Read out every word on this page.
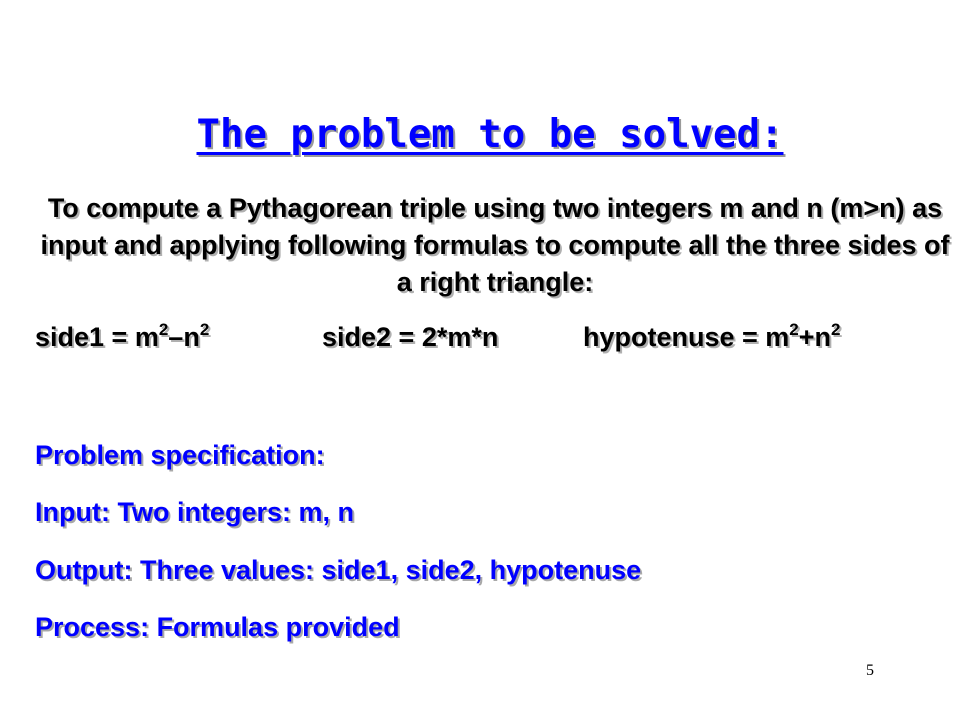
The problem to be solved:
To compute a Pythagorean triple using two integers m and n (m>n) as input and applying following formulas to compute all the three sides of a right triangle:
side1 = $m^2-n^2$	side2 = 2*m*n	hypotenuse = $m^2+n^2$
Problem specification:
Input: Two integers: m, n
Output: Three values: side1, side2, hypotenuse
Process: Formulas provided
5
